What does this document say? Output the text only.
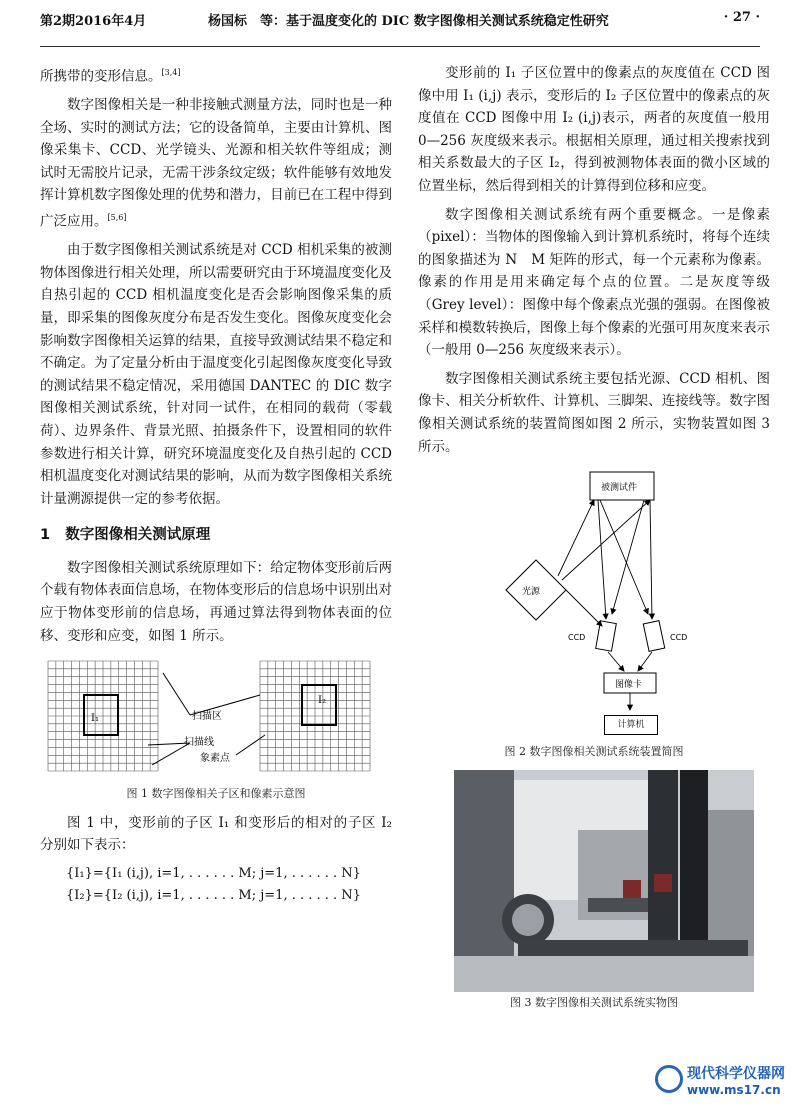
第2期2016年4月	杨国标　等：基于温度变化的 DIC 数字图像相关测试系统稳定性研究	· 27 ·

所携带的变形信息。[3,4]

数字图像相关是一种非接触式测量方法，同时也是一种全场、实时的测试方法；它的设备简单，主要由计算机、图像采集卡、CCD、光学镜头、光源和相关软件等组成；测试时无需胶片记录，无需干涉条纹定级；软件能够有效地发挥计算机数字图像处理的优势和潜力，目前已在工程中得到广泛应用。[5,6]

由于数字图像相关测试系统是对 CCD 相机采集的被测物体图像进行相关处理，所以需要研究由于环境温度变化及自热引起的 CCD 相机温度变化是否会影响图像采集的质量，即采集的图像灰度分布是否发生变化。图像灰度变化会影响数字图像相关运算的结果，直接导致测试结果不稳定和不确定。为了定量分析由于温度变化引起图像灰度变化导致的测试结果不稳定情况，采用德国 DANTEC 的 DIC 数字图像相关测试系统，针对同一试件，在相同的载荷（零载荷）、边界条件、背景光照、拍摄条件下，设置相同的软件参数进行相关计算，研究环境温度变化及自热引起的 CCD 相机温度变化对测试结果的影响，从而为数字图像相关系统计量溯源提供一定的参考依据。

1 数字图像相关测试原理

数字图像相关测试系统原理如下：给定物体变形前后两个载有物体表面信息场，在物体变形后的信息场中识别出对应于物体变形前的信息场，再通过算法得到物体表面的位移、变形和应变，如图 1 所示。

I₁
I₂
扫描区
扫描线
象素点
图 1 数字图像相关子区和像素示意图

图 1 中，变形前的子区 I₁ 和变形后的相对的子区 I₂ 分别如下表示：

{I₁}={I₁ (i,j), i=1, . . . . . . M; j=1, . . . . . . N}
{I₂}={I₂ (i,j), i=1, . . . . . . M; j=1, . . . . . . N}

变形前的 I₁ 子区位置中的像素点的灰度值在 CCD 图像中用 I₁ (i,j) 表示，变形后的 I₂ 子区位置中的像素点的灰度值在 CCD 图像中用 I₂ (i,j)表示，两者的灰度值一般用 0—256 灰度级来表示。根据相关原理，通过相关搜索找到相关系数最大的子区 I₂，得到被测物体表面的微小区域的位置坐标，然后得到相关的计算得到位移和应变。

数字图像相关测试系统有两个重要概念。一是像素（pixel）：当物体的图像输入到计算机系统时，将每个连续的图象描述为 N　M 矩阵的形式，每一个元素称为像素。像素的作用是用来确定每个点的位置。二是灰度等级（Grey level）：图像中每个像素点光强的强弱。在图像被采样和模数转换后，图像上每个像素的光强可用灰度来表示（一般用 0—256 灰度级来表示）。

数字图像相关测试系统主要包括光源、CCD 相机、图像卡、相关分析软件、计算机、三脚架、连接线等。数字图像相关测试系统的装置简图如图 2 所示，实物装置如图 3 所示。

被测试件
光源
CCD	CCD
图像卡
计算机
图 2 数字图像相关测试系统装置简图
图 3 数字图像相关测试系统实物图
现代科学仪器网
www.ms17.cn
